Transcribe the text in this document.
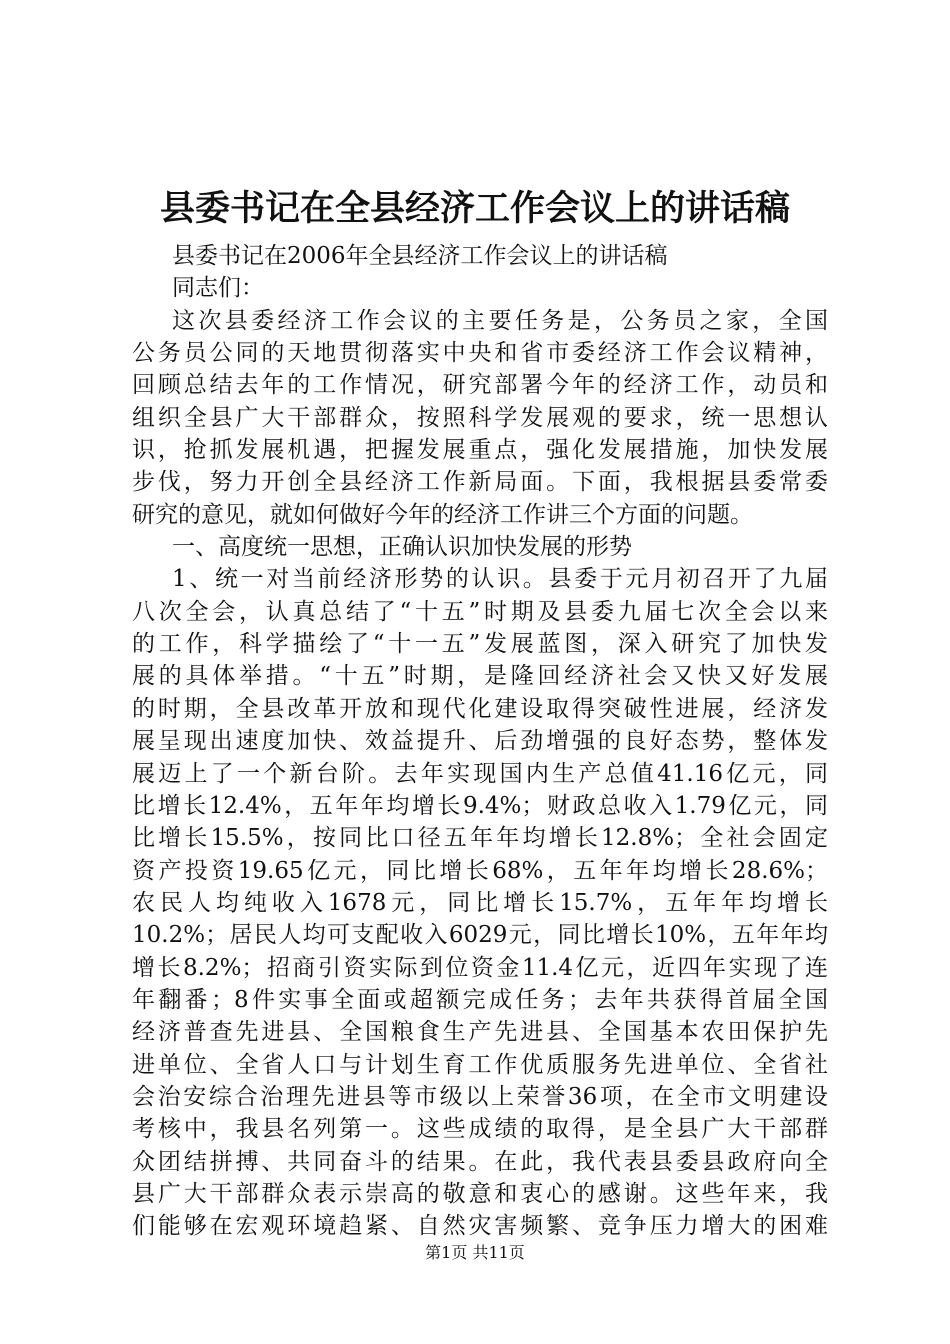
县委书记在全县经济工作会议上的讲话稿
县委书记在2006年全县经济工作会议上的讲话稿
同志们：
这次县委经济工作会议的主要任务是，公务员之家，全国
公务员公同的天地贯彻落实中央和省市委经济工作会议精神，
回顾总结去年的工作情况，研究部署今年的经济工作，动员和
组织全县广大干部群众，按照科学发展观的要求，统一思想认
识，抢抓发展机遇，把握发展重点，强化发展措施，加快发展
步伐，努力开创全县经济工作新局面。下面，我根据县委常委
研究的意见，就如何做好今年的经济工作讲三个方面的问题。
一、高度统一思想，正确认识加快发展的形势
1、统一对当前经济形势的认识。县委于元月初召开了九届
八次全会，认真总结了“十五”时期及县委九届七次全会以来
的工作，科学描绘了“十一五”发展蓝图，深入研究了加快发
展的具体举措。“十五”时期，是隆回经济社会又快又好发展
的时期，全县改革开放和现代化建设取得突破性进展，经济发
展呈现出速度加快、效益提升、后劲增强的良好态势，整体发
展迈上了一个新台阶。去年实现国内生产总值41.16亿元，同
比增长12.4%，五年年均增长9.4%；财政总收入1.79亿元，同
比增长15.5%，按同比口径五年年均增长12.8%；全社会固定
资产投资19.65亿元，同比增长68%，五年年均增长28.6%；
农民人均纯收入1678元，同比增长15.7%，五年年均增长
10.2%；居民人均可支配收入6029元，同比增长10%，五年年均
增长8.2%；招商引资实际到位资金11.4亿元，近四年实现了连
年翻番；8件实事全面或超额完成任务；去年共获得首届全国
经济普查先进县、全国粮食生产先进县、全国基本农田保护先
进单位、全省人口与计划生育工作优质服务先进单位、全省社
会治安综合治理先进县等市级以上荣誉36项，在全市文明建设
考核中，我县名列第一。这些成绩的取得，是全县广大干部群
众团结拼搏、共同奋斗的结果。在此，我代表县委县政府向全
县广大干部群众表示崇高的敬意和衷心的感谢。这些年来，我
们能够在宏观环境趋紧、自然灾害频繁、竞争压力增大的困难
第1页 共11页
